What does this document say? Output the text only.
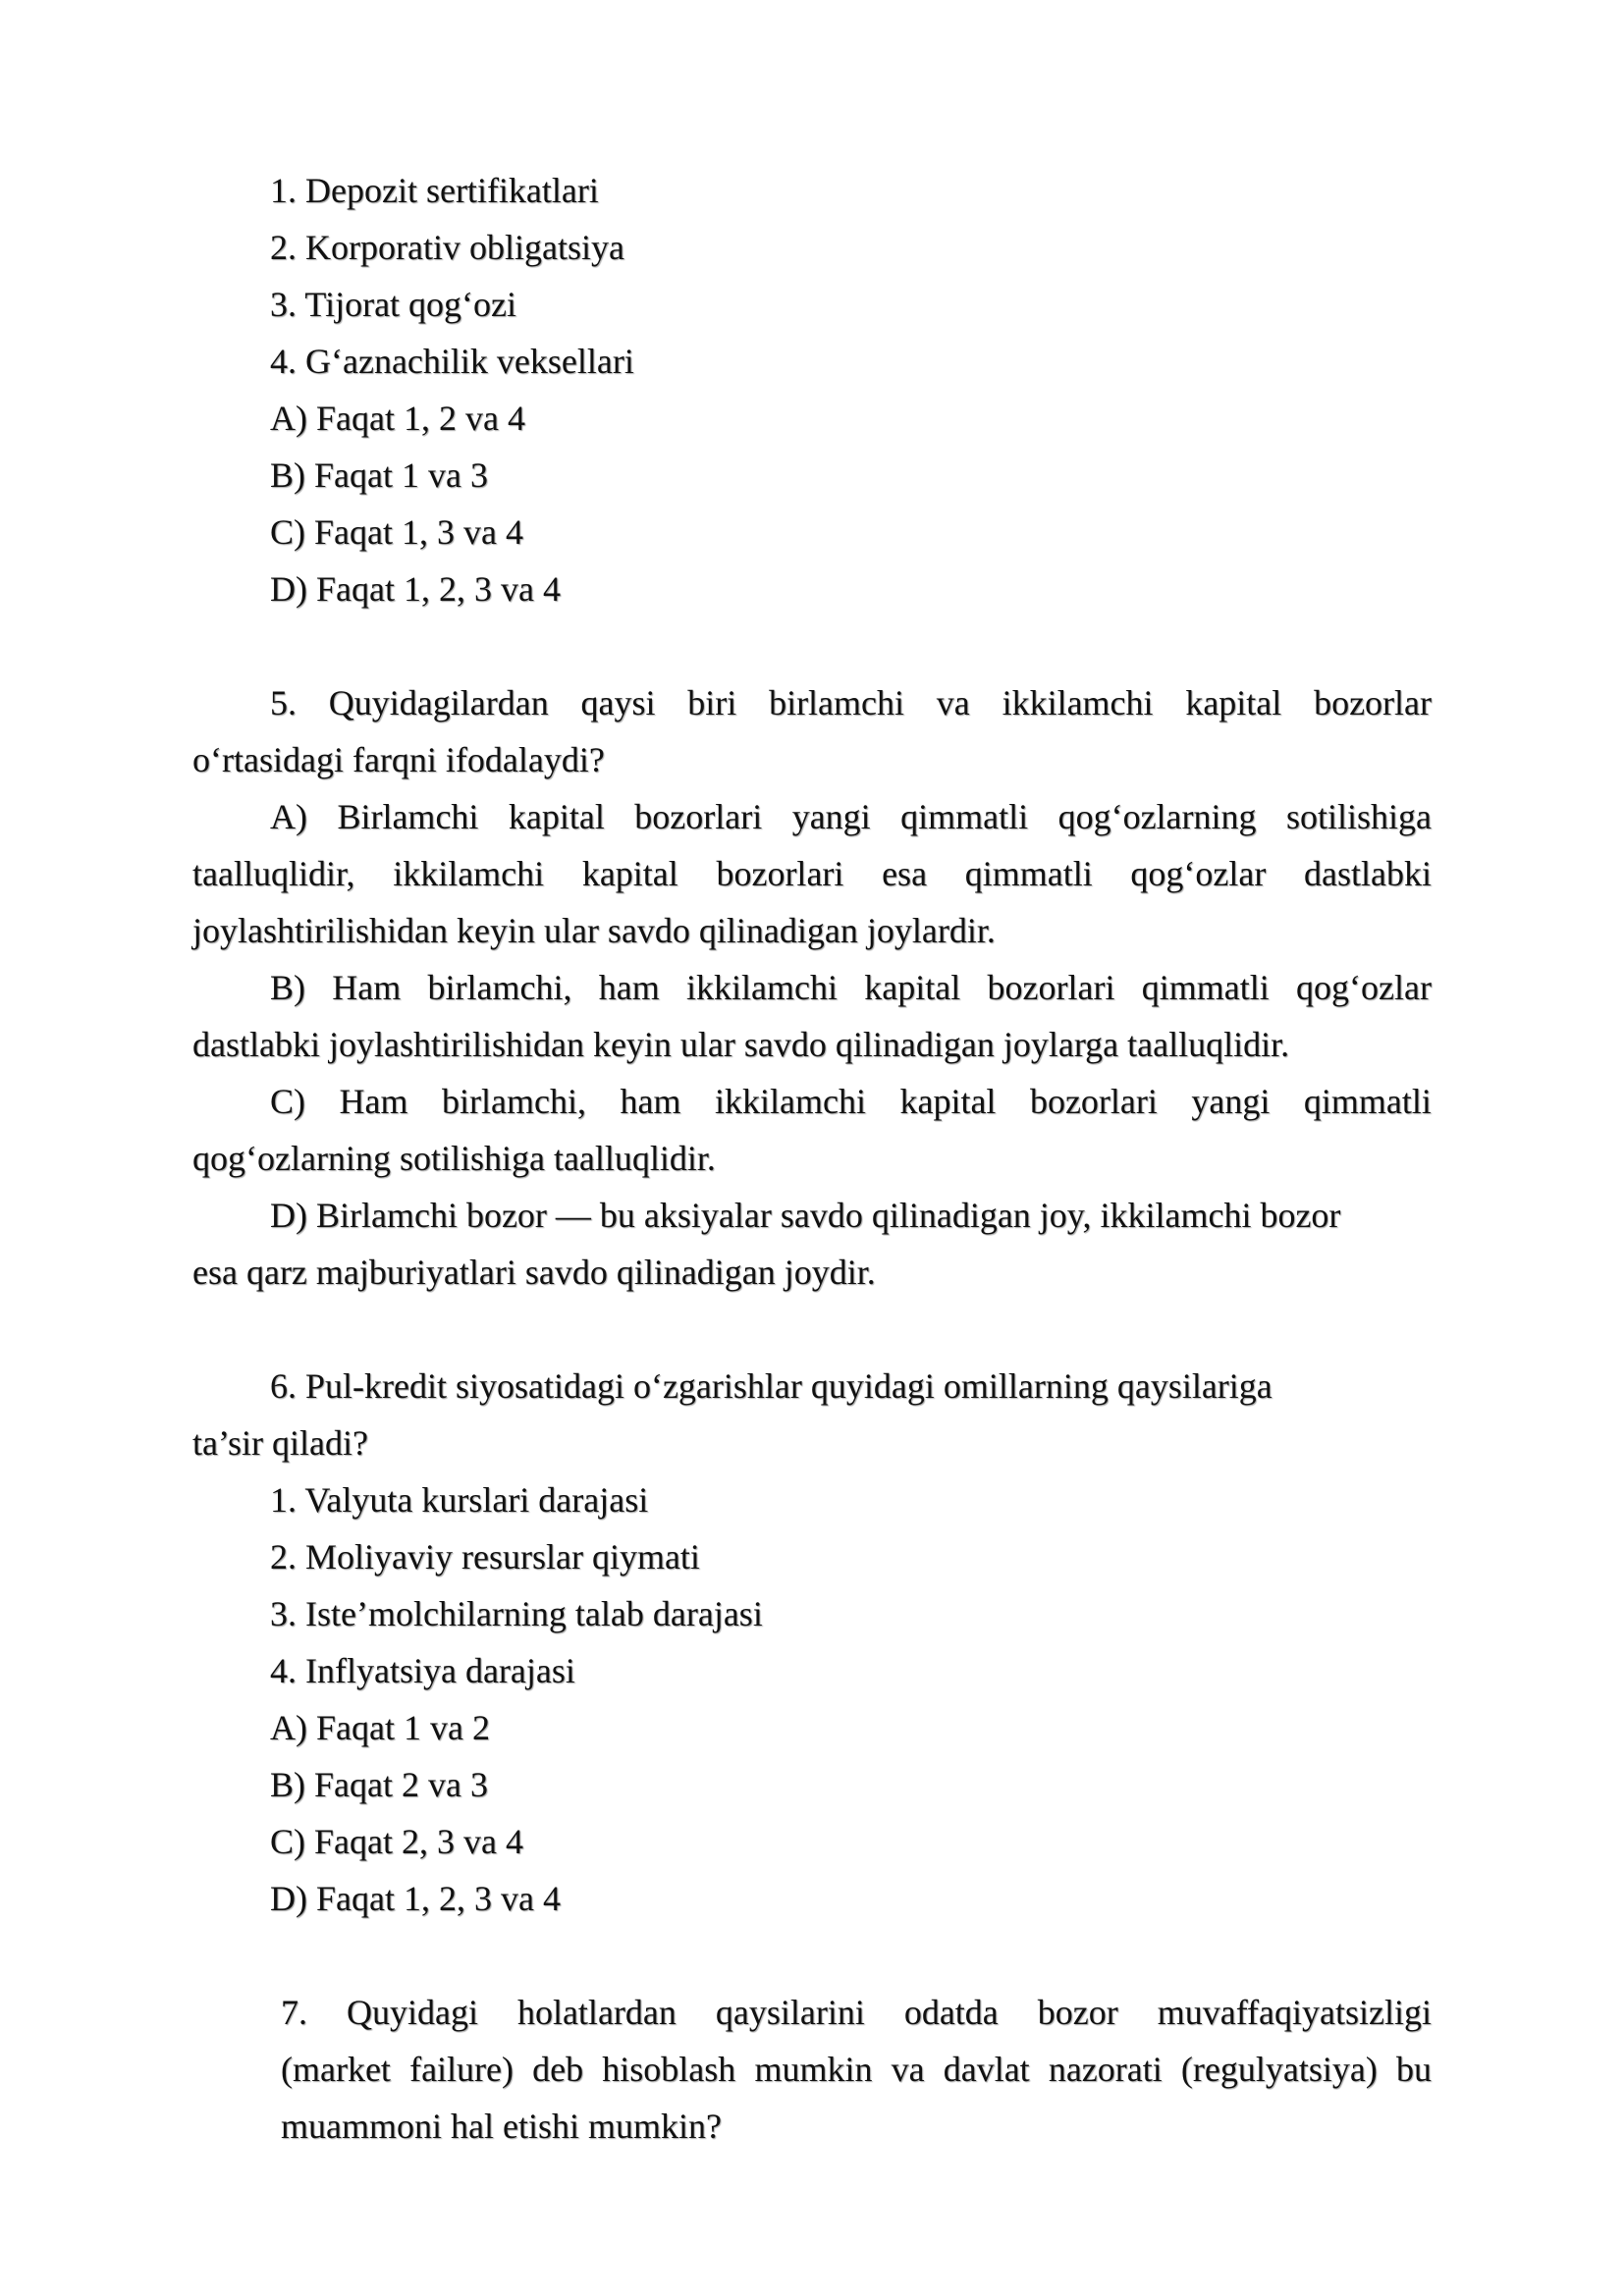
1. Depozit sertifikatlari
2. Korporativ obligatsiya
3. Tijorat qog‘ozi
4. G‘aznachilik veksellari
A) Faqat 1, 2 va 4
B) Faqat 1 va 3
C) Faqat 1, 3 va 4
D) Faqat 1, 2, 3 va 4
5. Quyidagilardan qaysi biri birlamchi va ikkilamchi kapital bozorlar
o‘rtasidagi farqni ifodalaydi?
A) Birlamchi kapital bozorlari yangi qimmatli qog‘ozlarning sotilishiga
taalluqlidir, ikkilamchi kapital bozorlari esa qimmatli qog‘ozlar dastlabki
joylashtirilishidan keyin ular savdo qilinadigan joylardir.
B) Ham birlamchi, ham ikkilamchi kapital bozorlari qimmatli qog‘ozlar
dastlabki joylashtirilishidan keyin ular savdo qilinadigan joylarga taalluqlidir.
C) Ham birlamchi, ham ikkilamchi kapital bozorlari yangi qimmatli
qog‘ozlarning sotilishiga taalluqlidir.
D) Birlamchi bozor — bu aksiyalar savdo qilinadigan joy, ikkilamchi bozor
esa qarz majburiyatlari savdo qilinadigan joydir.
6. Pul-kredit siyosatidagi o‘zgarishlar quyidagi omillarning qaysilariga
ta’sir qiladi?
1. Valyuta kurslari darajasi
2. Moliyaviy resurslar qiymati
3. Iste’molchilarning talab darajasi
4. Inflyatsiya darajasi
A) Faqat 1 va 2
B) Faqat 2 va 3
C) Faqat 2, 3 va 4
D) Faqat 1, 2, 3 va 4
7. Quyidagi holatlardan qaysilarini odatda bozor muvaffaqiyatsizligi
(market failure) deb hisoblash mumkin va davlat nazorati (regulyatsiya) bu
muammoni hal etishi mumkin?
